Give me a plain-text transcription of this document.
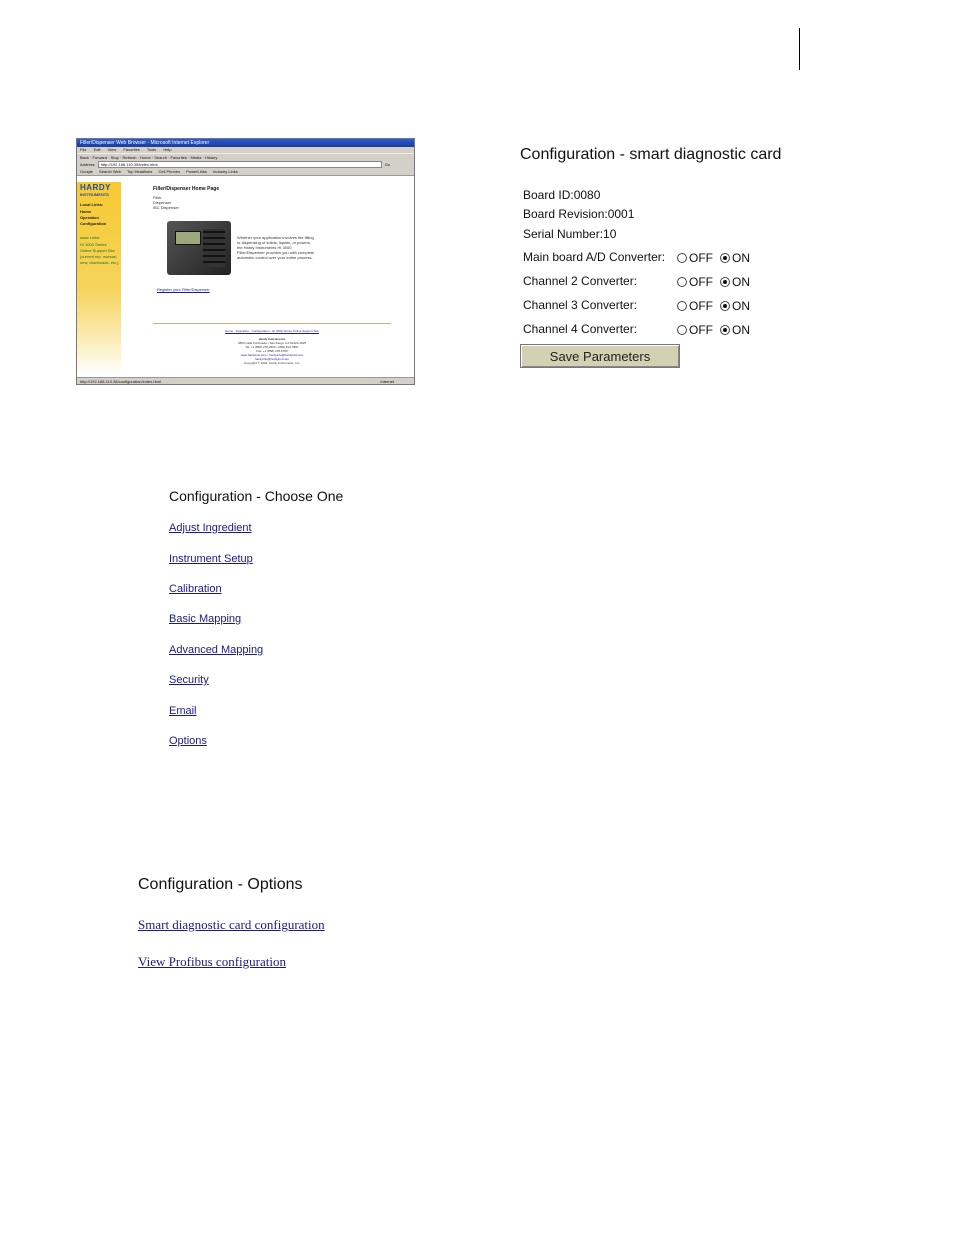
Filler/Dispenser Web Browser - Microsoft Internet Explorer
File Edit View Favorites Tools Help
Back · Forward · Stop · Refresh · Home · Search · Favorites · Media · History
Address	http://192.168.110.35/index.html	Go
Google Search Web Top Headlines Cell Phones PowerLinks Industry Links
HARDY
INSTRUMENTS
Local Links:
Home
Operation
Configuration
www Links:
HI 3000 Series
Online Support Site
(current rep. manual,
new, downloads, etc.)
Filler/Dispenser Home Page
Filler
Dispenser
IBC Dispenser
Whether your application involves the filling or dispensing of solids, liquids, or powers, the Hardy Instruments HI 3000 Filler/Dispenser provides you with complete automatic control over your entire process.
Register your Filler/Dispenser
Home · Operation · Configuration · HI 3000 Series Online Support Site
Hardy Instruments
3860 Calle Fortunada • San Diego, CA 92123-1825
Tel: +1 (858) 278-2900 • (800) 821-5831
Fax: +1 (858) 278-6700
www.hardyinst.com • hardyinfo@hardyinst.com
hardyinfo@hardyinst.com
Copyright © 2003, Hardy Instruments, Inc.
http://192.168.110.35/configuration/index.html	Internet
Configuration - smart diagnostic card
Board ID:0080
Board Revision:0001
Serial Number:10
Main board A/D Converter: OFF ON
Channel 2 Converter:	OFF ON
Channel 3 Converter:	OFF ON
Channel 4 Converter:	OFF ON
Save Parameters
Configuration - Choose One
Adjust Ingredient
Instrument Setup
Calibration
Basic Mapping
Advanced Mapping
Security
Email
Options
Configuration - Options
Smart diagnostic card configuration
View Profibus configuration
